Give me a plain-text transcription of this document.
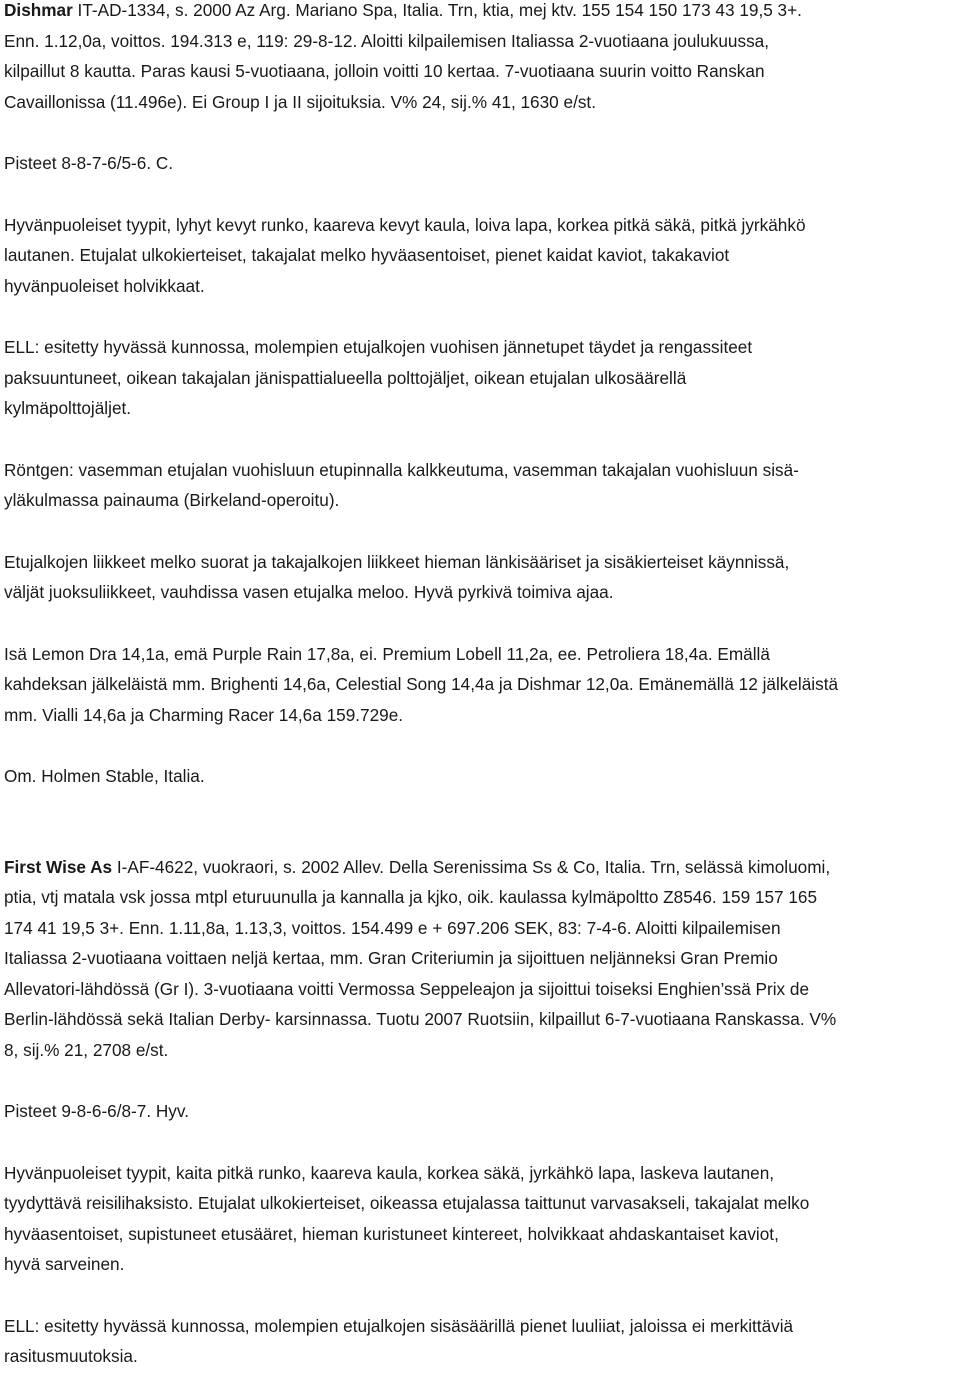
Dishmar IT-AD-1334, s. 2000 Az Arg. Mariano Spa, Italia. Trn, ktia, mej ktv. 155 154 150 173 43 19,5 3+.
Enn. 1.12,0a, voittos. 194.313 e, 119: 29-8-12. Aloitti kilpailemisen Italiassa 2-vuotiaana joulukuussa,
kilpaillut 8 kautta. Paras kausi 5-vuotiaana, jolloin voitti 10 kertaa. 7-vuotiaana suurin voitto Ranskan
Cavaillonissa (11.496e). Ei Group I ja II sijoituksia. V% 24, sij.% 41, 1630 e/st.

Pisteet 8-8-7-6/5-6. C.

Hyvänpuoleiset tyypit, lyhyt kevyt runko, kaareva kevyt kaula, loiva lapa, korkea pitkä säkä, pitkä jyrkähkö
lautanen. Etujalat ulkokierteiset, takajalat melko hyväasentoiset, pienet kaidat kaviot, takakaviot
hyvänpuoleiset holvikkaat.

ELL: esitetty hyvässä kunnossa, molempien etujalkojen vuohisen jännetupet täydet ja rengassiteet
paksuuntuneet, oikean takajalan jänispattialueella polttojäljet, oikean etujalan ulkosäärellä
kylmäpolttojäljet.

Röntgen: vasemman etujalan vuohisluun etupinnalla kalkkeutuma, vasemman takajalan vuohisluun sisä-
yläkulmassa painauma (Birkeland-operoitu).

Etujalkojen liikkeet melko suorat ja takajalkojen liikkeet hieman länkisääriset ja sisäkierteiset käynnissä,
väljät juoksuliikkeet, vauhdissa vasen etujalka meloo. Hyvä pyrkivä toimiva ajaa.

Isä Lemon Dra 14,1a, emä Purple Rain 17,8a, ei. Premium Lobell 11,2a, ee. Petroliera 18,4a. Emällä
kahdeksan jälkeläistä mm. Brighenti 14,6a, Celestial Song 14,4a ja Dishmar 12,0a. Emänemällä 12 jälkeläistä
mm. Vialli 14,6a ja Charming Racer 14,6a 159.729e.

Om. Holmen Stable, Italia.

First Wise As I-AF-4622, vuokraori, s. 2002 Allev. Della Serenissima Ss & Co, Italia. Trn, selässä kimoluomi,
ptia, vtj matala vsk jossa mtpl eturuunulla ja kannalla ja kjko, oik. kaulassa kylmäpoltto Z8546. 159 157 165
174 41 19,5 3+. Enn. 1.11,8a, 1.13,3, voittos. 154.499 e + 697.206 SEK, 83: 7-4-6. Aloitti kilpailemisen
Italiassa 2-vuotiaana voittaen neljä kertaa, mm. Gran Criteriumin ja sijoittuen neljänneksi Gran Premio
Allevatori-lähdössä (Gr I). 3-vuotiaana voitti Vermossa Seppeleajon ja sijoittui toiseksi Enghien’ssä Prix de
Berlin-lähdössä sekä Italian Derby- karsinnassa. Tuotu 2007 Ruotsiin, kilpaillut 6-7-vuotiaana Ranskassa. V%
8, sij.% 21, 2708 e/st.

Pisteet 9-8-6-6/8-7. Hyv.

Hyvänpuoleiset tyypit, kaita pitkä runko, kaareva kaula, korkea säkä, jyrkähkö lapa, laskeva lautanen,
tyydyttävä reisilihaksisto. Etujalat ulkokierteiset, oikeassa etujalassa taittunut varvasakseli, takajalat melko
hyväasentoiset, supistuneet etusääret, hieman kuristuneet kintereet, holvikkaat ahdaskantaiset kaviot,
hyvä sarveinen.

ELL: esitetty hyvässä kunnossa, molempien etujalkojen sisäsäärillä pienet luuliiat, jaloissa ei merkittäviä
rasitusmuutoksia.
